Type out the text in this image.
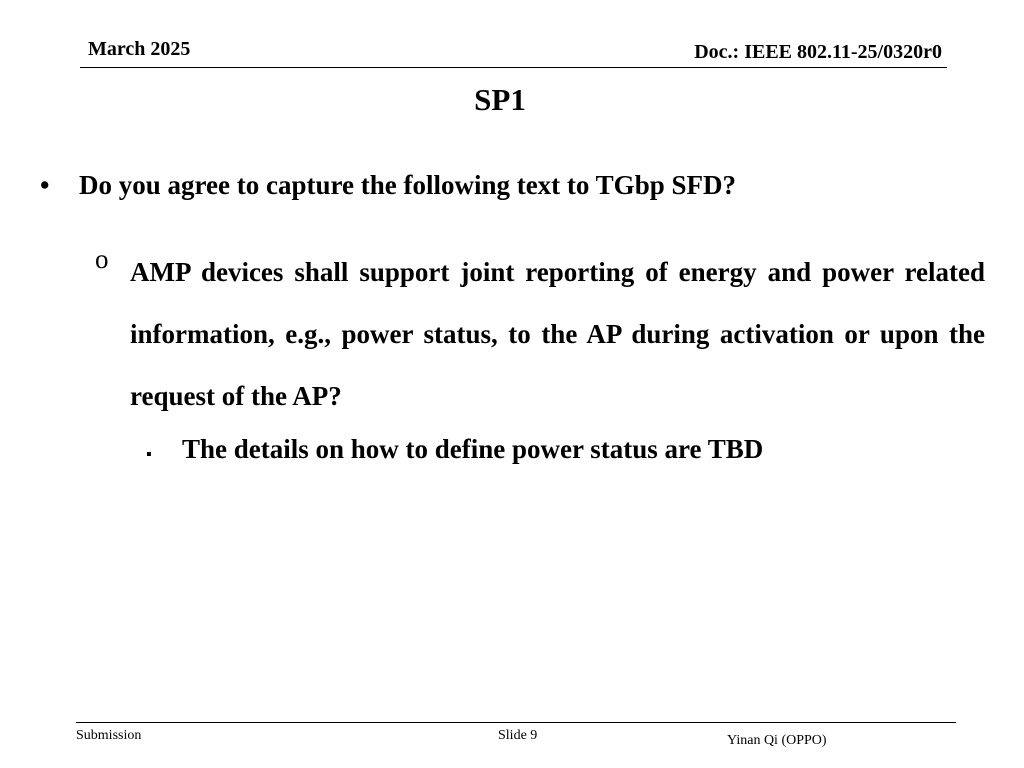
March 2025	Doc.: IEEE 802.11-25/0320r0
SP1
• Do you agree to capture the following text to TGbp SFD?
o AMP devices shall support joint reporting of energy and power related information, e.g., power status, to the AP during activation or upon the request of the AP?
▪ The details on how to define power status are TBD
Submission	Slide 9	Yinan Qi (OPPO)
